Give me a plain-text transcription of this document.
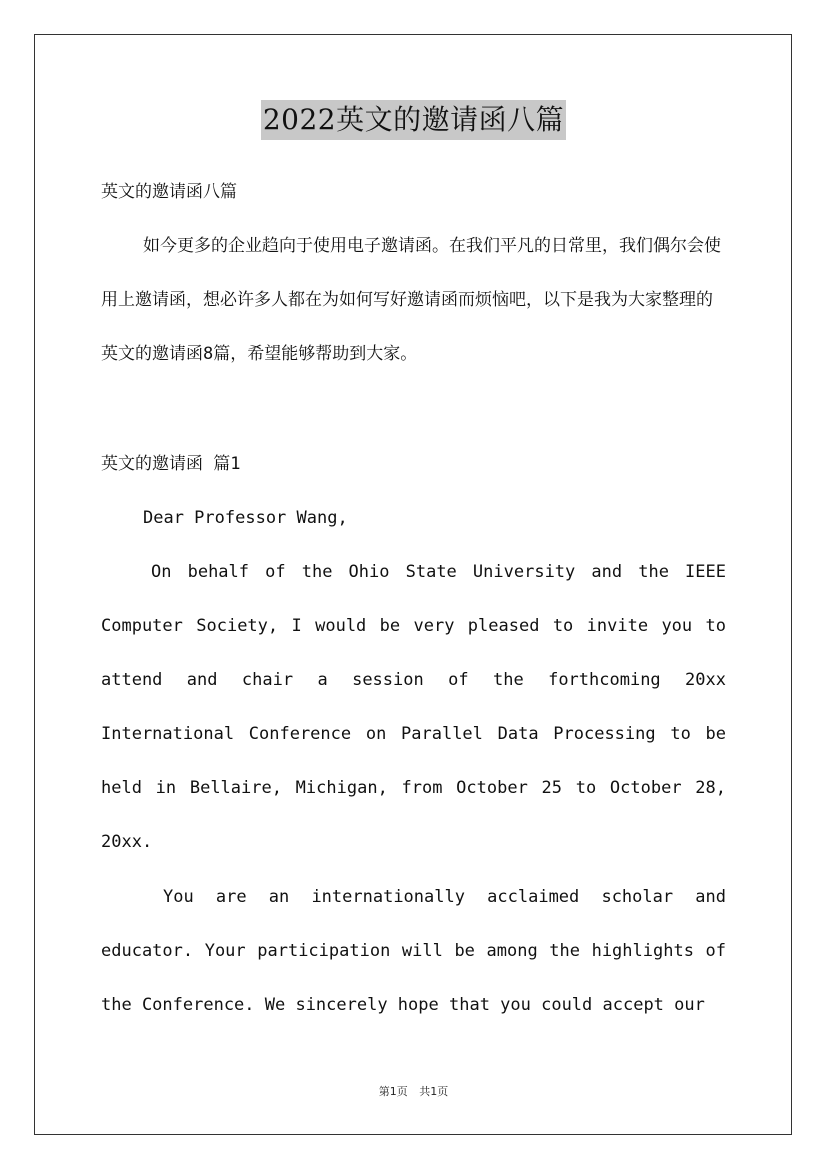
2022英文的邀请函八篇

英文的邀请函八篇

如今更多的企业趋向于使用电子邀请函。在我们平凡的日常里，我们偶尔会使用上邀请函，想必许多人都在为如何写好邀请函而烦恼吧，以下是我为大家整理的英文的邀请函8篇，希望能够帮助到大家。

英文的邀请函 篇1

Dear Professor Wang,

On behalf of the Ohio State University and the IEEE Computer Society, I would be very pleased to invite you to attend and chair a session of the forthcoming 20xx International Conference on Parallel Data Processing to be held in Bellaire, Michigan, from October 25 to October 28, 20xx.

You are an internationally acclaimed scholar and educator. Your participation will be among the highlights of the Conference. We sincerely hope that you could accept our

第1页 共1页
